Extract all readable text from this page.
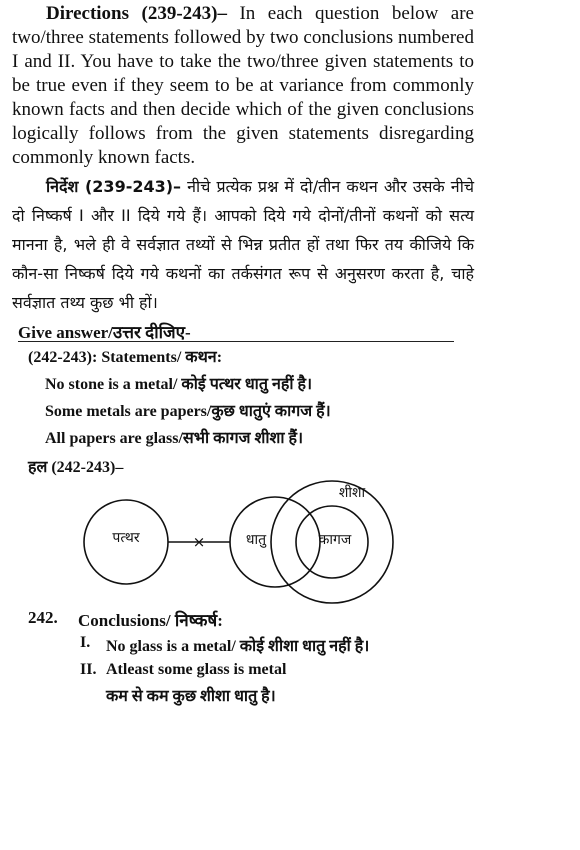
Directions (239-243)– In each question below are two/three statements followed by two conclusions numbered I and II. You have to take the two/three given statements to be true even if they seem to be at variance from commonly known facts and then decide which of the given conclusions logically follows from the given statements disregarding commonly known facts.

निर्देश (239-243)– नीचे प्रत्येक प्रश्न में दो/तीन कथन और उसके नीचे दो निष्कर्ष I और II दिये गये हैं। आपको दिये गये दोनों/तीनों कथनों को सत्य मानना है, भले ही वे सर्वज्ञात तथ्यों से भिन्न प्रतीत हों तथा फिर तय कीजिये कि कौन-सा निष्कर्ष दिये गये कथनों का तर्कसंगत रूप से अनुसरण करता है, चाहे सर्वज्ञात तथ्य कुछ भी हों।

Give answer/उत्तर दीजिए-
(242-243): Statements/ कथन:
No stone is a metal/ कोई पत्थर धातु नहीं है।
Some metals are papers/कुछ धातुएं कागज हैं।
All papers are glass/सभी कागज शीशा हैं।
हल (242-243)–
×
पत्थर	धातु	कागज
शीशा
242. Conclusions/ निष्कर्ष:
I. No glass is a metal/ कोई शीशा धातु नहीं है।
II. Atleast some glass is metal
कम से कम कुछ शीशा धातु है।
